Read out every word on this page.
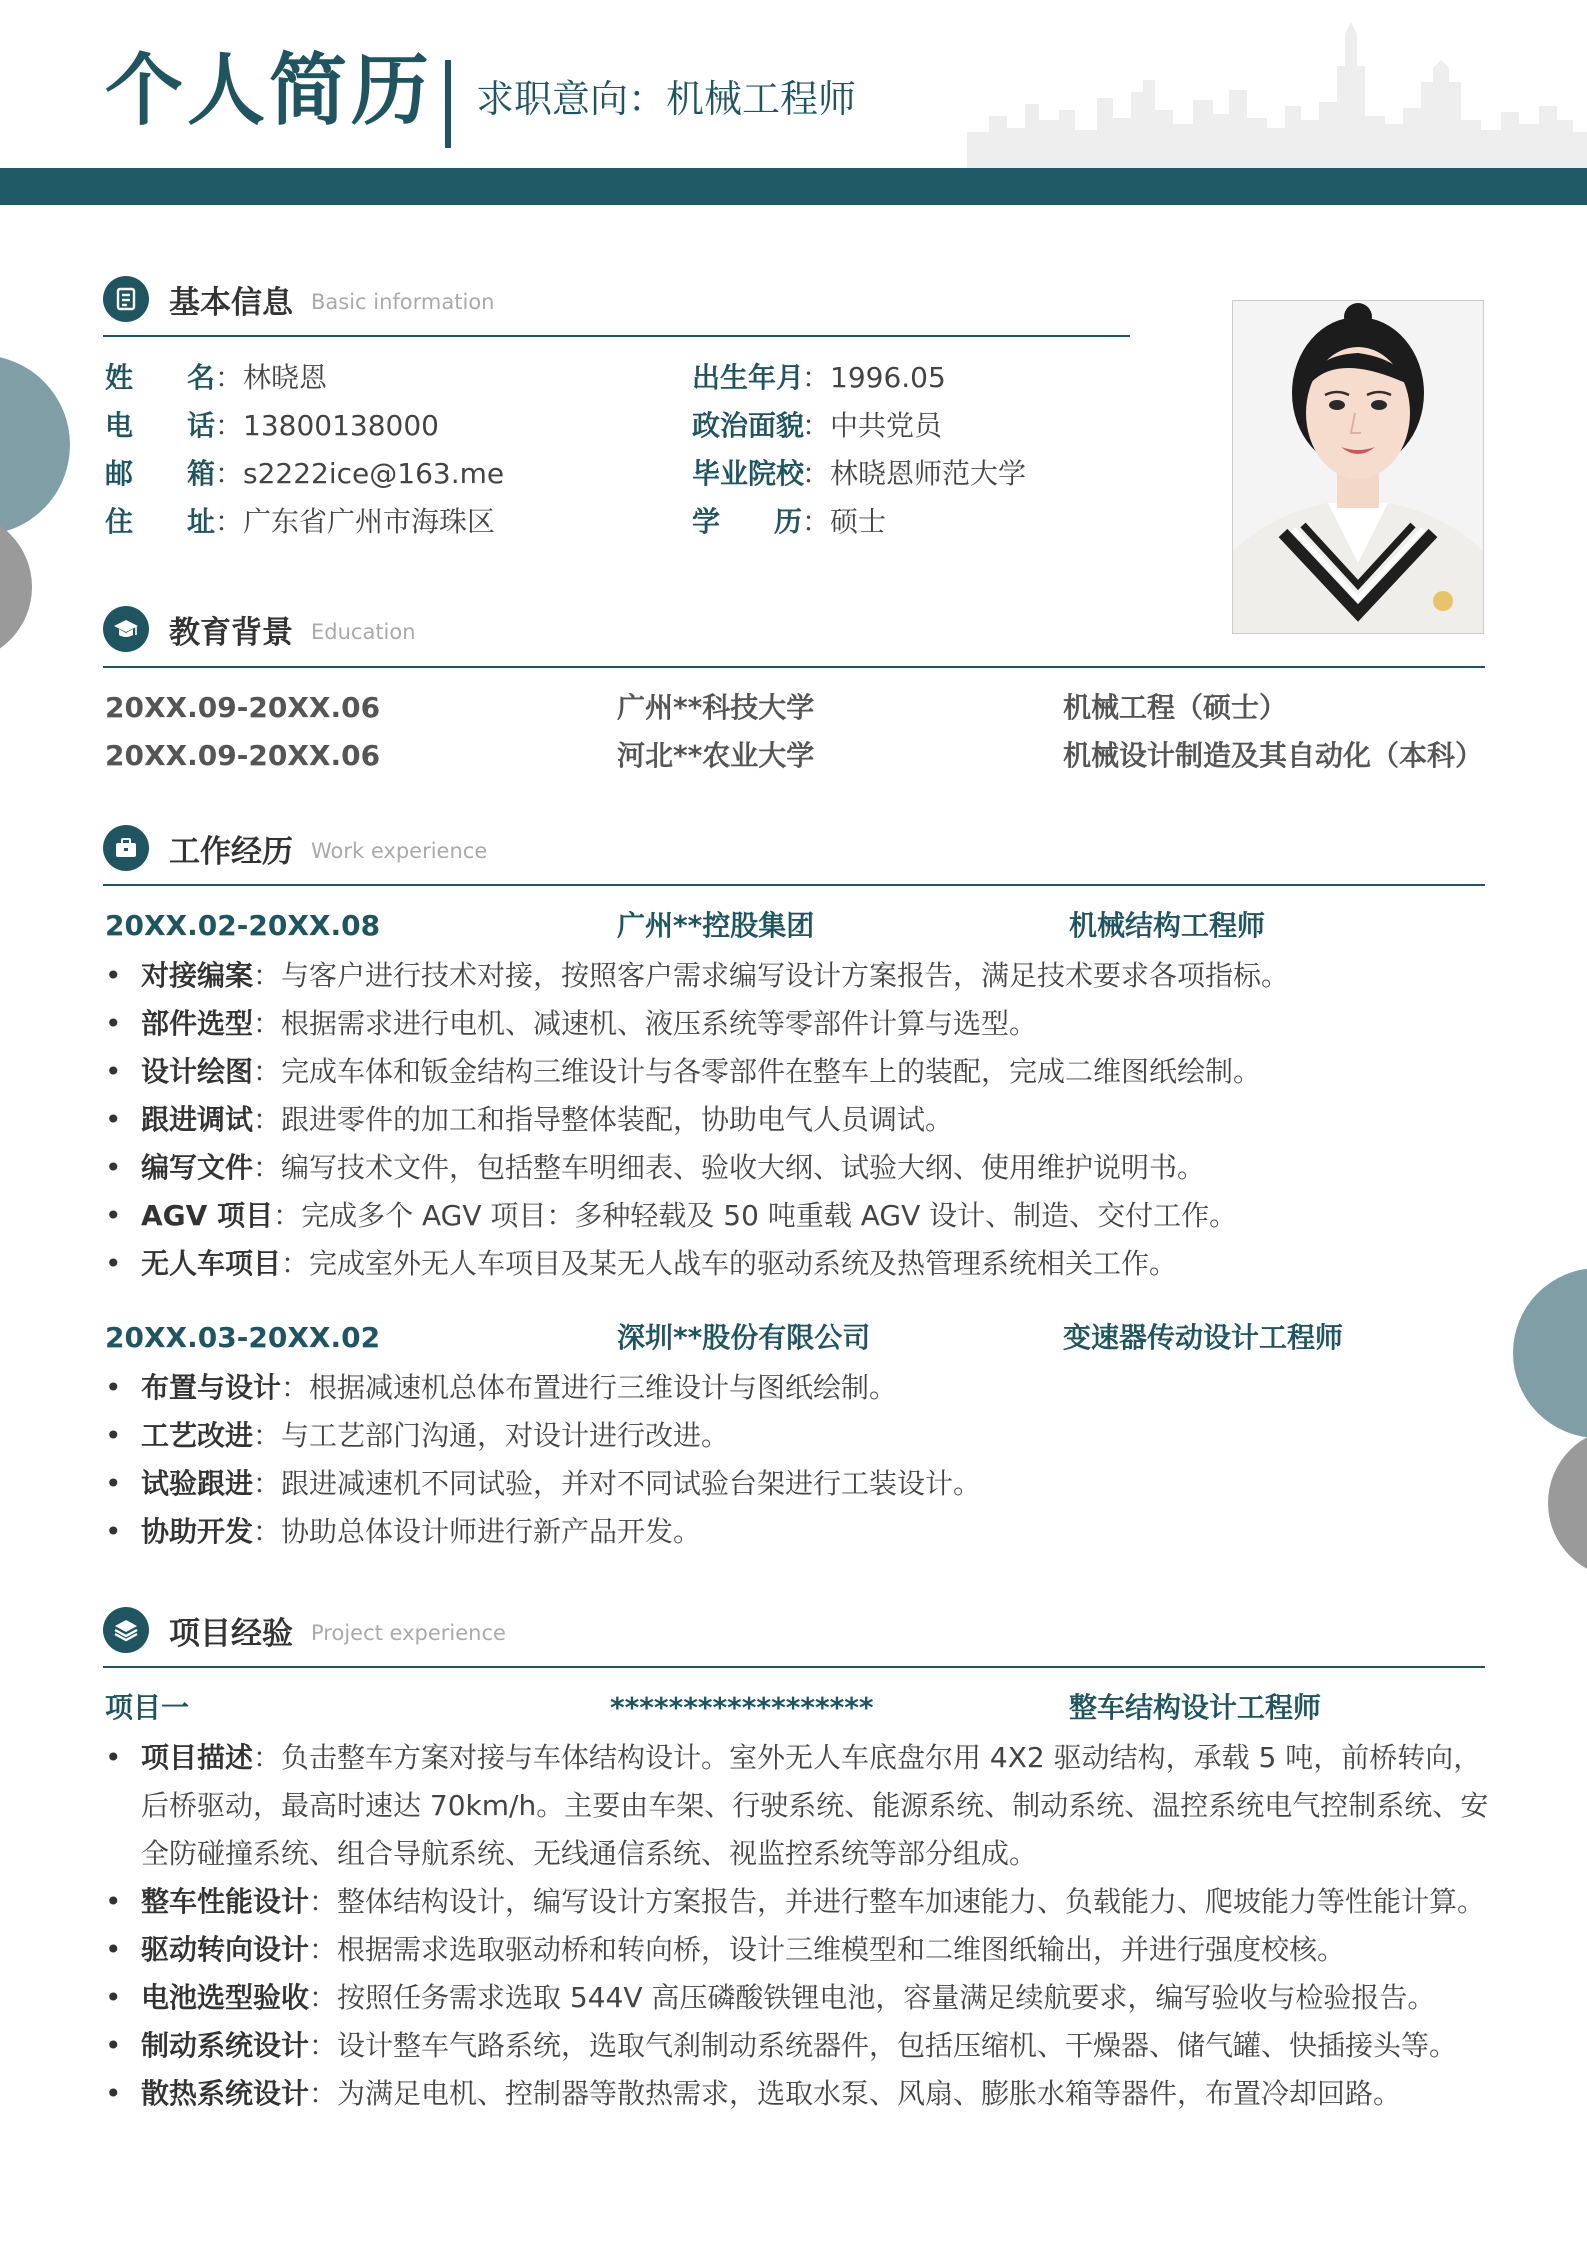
个人简历 求职意向：机械工程师
基本信息 Basic information
姓 名 ：林晓恩
电 话 ：13800138000
邮 箱 ：s2222ice@163.me
住 址 ：广东省广州市海珠区
出 生 年 月
：1996.05
政 治 面 貌
：中共党员
毕 业 院 校
：林晓恩师范大学
学 历 ：硕士
教育背景 Education
20XX.09-20XX.06	广州**科技大学	机械工程（硕士）
20XX.09-20XX.06	河北**农业大学	机械设计制造及其自动化（本科）
工作经历 Work experience
20XX.02-20XX.08	广州**控股集团	机械结构工程师
• 对接编案：与客户进行技术对接，按照客户需求编写设计方案报告，满足技术要求各项指标。
• 部件选型：根据需求进行电机、减速机、液压系统等零部件计算与选型。
• 设计绘图：完成车体和钣金结构三维设计与各零部件在整车上的装配，完成二维图纸绘制。
• 跟进调试：跟进零件的加工和指导整体装配，协助电气人员调试。
• 编写文件：编写技术文件，包括整车明细表、验收大纲、试验大纲、使用维护说明书。
• AGV 项目：完成多个 AGV 项目：多种轻载及 50 吨重载 AGV 设计、制造、交付工作。
• 无人车项目：完成室外无人车项目及某无人战车的驱动系统及热管理系统相关工作。
20XX.03-20XX.02	深圳**股份有限公司	变速器传动设计工程师
• 布置与设计：根据减速机总体布置进行三维设计与图纸绘制。
• 工艺改进：与工艺部门沟通，对设计进行改进。
• 试验跟进：跟进减速机不同试验，并对不同试验台架进行工装设计。
• 协助开发：协助总体设计师进行新产品开发。
项目经验 Project experience
项目一	******************	整车结构设计工程师
• 项目描述：负击整车方案对接与车体结构设计。室外无人车底盘尔用 4X2 驱动结构，承载 5 吨，前桥转向，后桥驱动，最高时速达 70km/h。主要由车架、行驶系统、能源系统、制动系统、温控系统电气控制系统、安全防碰撞系统、组合导航系统、无线通信系统、视监控系统等部分组成。
• 整车性能设计：整体结构设计，编写设计方案报告，并进行整车加速能力、负载能力、爬坡能力等性能计算。
• 驱动转向设计：根据需求选取驱动桥和转向桥，设计三维模型和二维图纸输出，并进行强度校核。
• 电池选型验收：按照任务需求选取 544V 高压磷酸铁锂电池，容量满足续航要求，编写验收与检验报告。
• 制动系统设计：设计整车气路系统，选取气刹制动系统器件，包括压缩机、干燥器、储气罐、快插接头等。
• 散热系统设计：为满足电机、控制器等散热需求，选取水泵、风扇、膨胀水箱等器件，布置冷却回路。
